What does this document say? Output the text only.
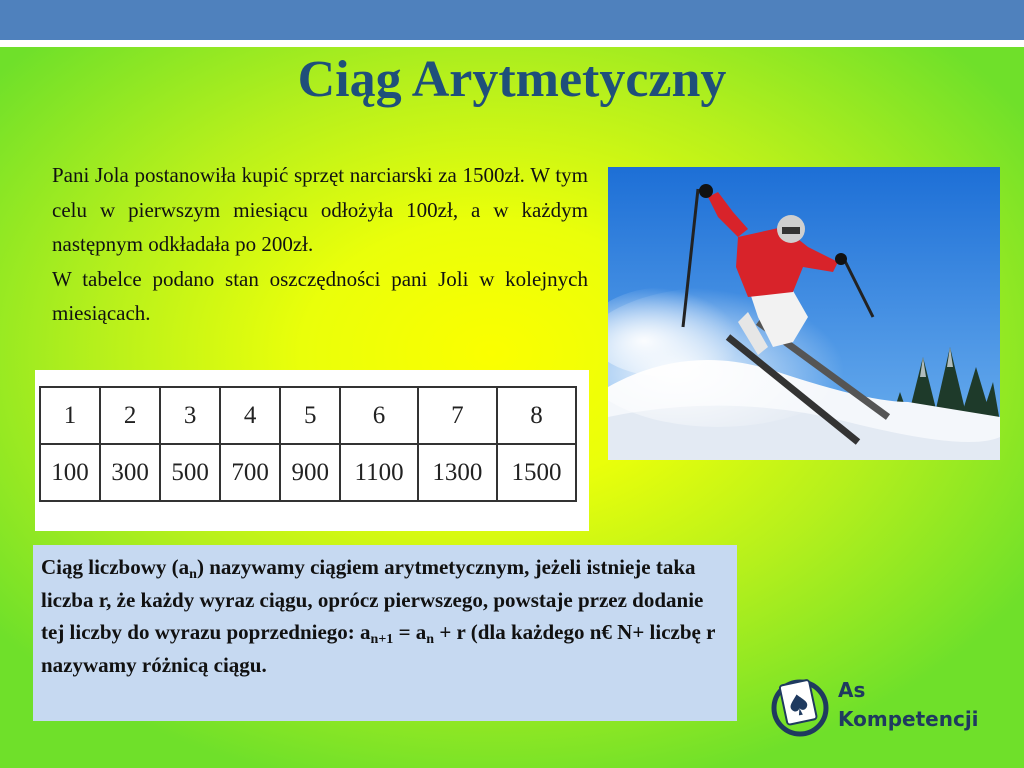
Ciąg Arytmetyczny

Pani Jola postanowiła kupić sprzęt narciarski za 1500zł. W tym celu w pierwszym miesiącu odłożyła 100zł, a w każdym następnym odkładała po 200zł.

W tabelce podano stan oszczędności pani Joli w kolejnych miesiącach.

1	2	3	4	5	6	7	8
100	300	500	700	900	1100	1300	1500
Ciąg liczbowy $(a_n)$ nazywamy ciągiem arytmetycznym, jeżeli istnieje taka liczba r, że każdy wyraz ciągu, oprócz pierwszego, powstaje przez dodanie tej liczby do wyrazu poprzedniego: $a_{n+1} = a_n + r$ (dla każdego n€ N+ liczbę r nazywamy różnicą ciągu.
As
Kompetencji
